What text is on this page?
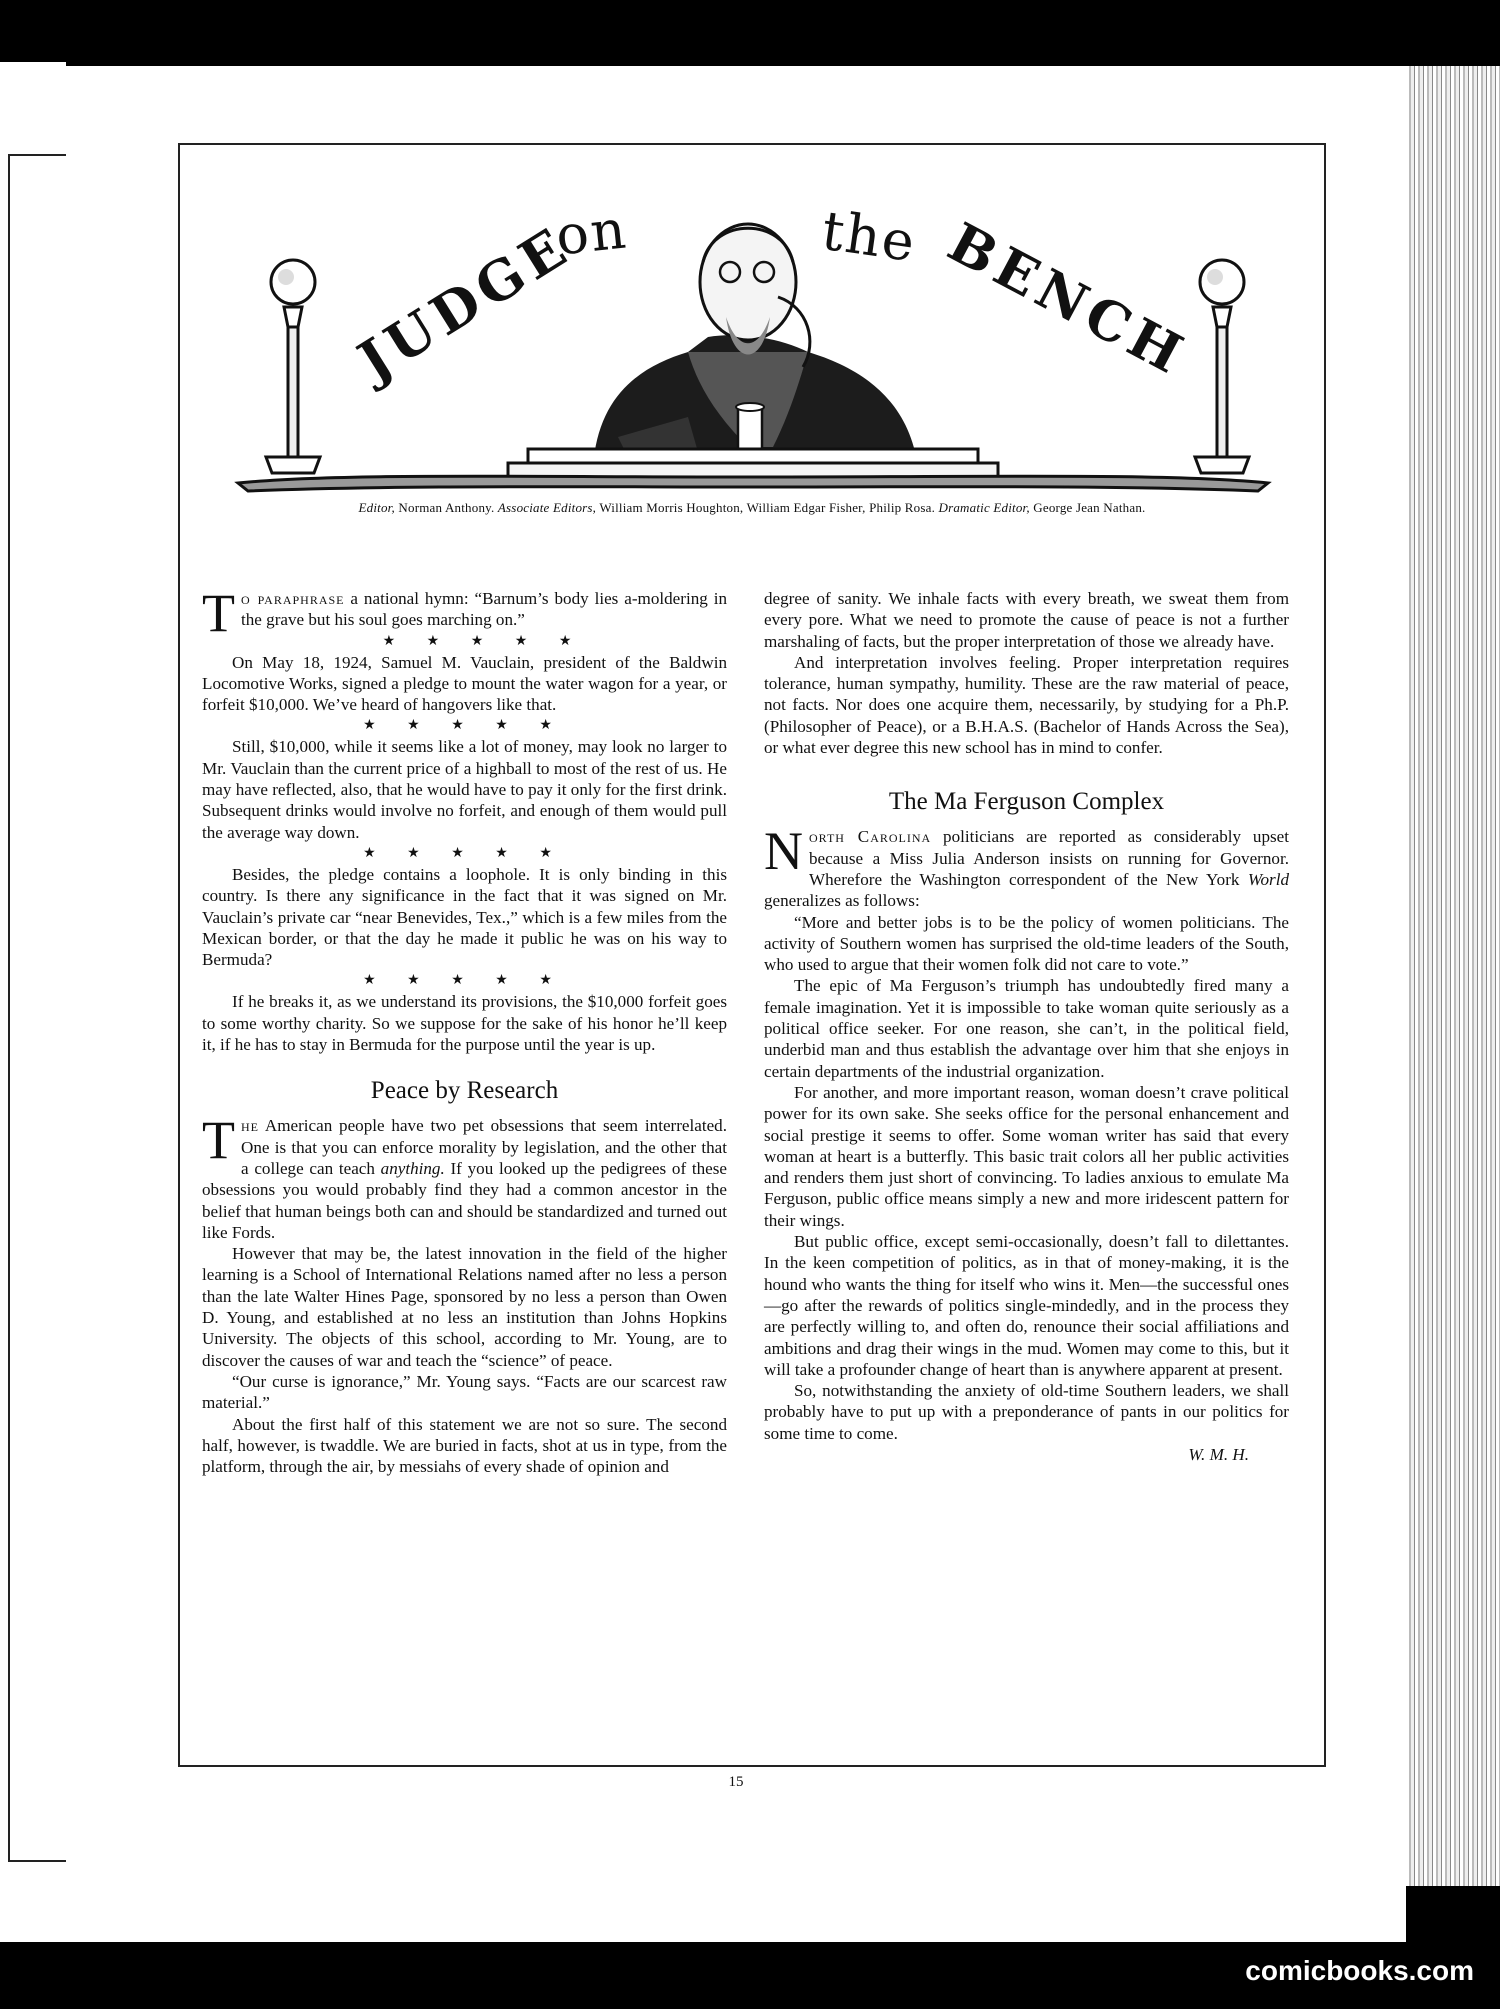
JUDGE
on	the BENCH
Editor, Norman Anthony. Associate Editors, William Morris Houghton, William Edgar Fisher, Philip Rosa. Dramatic Editor, George Jean Nathan.

To paraphrase a national hymn: “Barnum’s body lies a-moldering in the grave but his soul goes marching on.”

★ ★ ★ ★ ★

On May 18, 1924, Samuel M. Vauclain, president of the Baldwin Locomotive Works, signed a pledge to mount the water wagon for a year, or forfeit $10,000. We’ve heard of hangovers like that.

★ ★ ★ ★ ★

Still, $10,000, while it seems like a lot of money, may look no larger to Mr. Vauclain than the current price of a highball to most of the rest of us. He may have reflected, also, that he would have to pay it only for the first drink. Subsequent drinks would involve no forfeit, and enough of them would pull the average way down.

★ ★ ★ ★ ★

Besides, the pledge contains a loophole. It is only binding in this country. Is there any significance in the fact that it was signed on Mr. Vauclain’s private car “near Benevides, Tex.,” which is a few miles from the Mexican border, or that the day he made it public he was on his way to Bermuda?

★ ★ ★ ★ ★

If he breaks it, as we understand its provisions, the $10,000 forfeit goes to some worthy charity. So we suppose for the sake of his honor he’ll keep it, if he has to stay in Bermuda for the purpose until the year is up.

Peace by Research

The American people have two pet obsessions that seem interrelated. One is that you can enforce morality by legislation, and the other that a college can teach anything. If you looked up the pedigrees of these obsessions you would probably find they had a common ancestor in the belief that human beings both can and should be standardized and turned out like Fords.

However that may be, the latest innovation in the field of the higher learning is a School of International Relations named after no less a person than the late Walter Hines Page, sponsored by no less a person than Owen D. Young, and established at no less an institution than Johns Hopkins University. The objects of this school, according to Mr. Young, are to discover the causes of war and teach the “science” of peace.

“Our curse is ignorance,” Mr. Young says. “Facts are our scarcest raw material.”

About the first half of this statement we are not so sure. The second half, however, is twaddle. We are buried in facts, shot at us in type, from the platform, through the air, by messiahs of every shade of opinion and

degree of sanity. We inhale facts with every breath, we sweat them from every pore. What we need to promote the cause of peace is not a further marshaling of facts, but the proper interpretation of those we already have.

And interpretation involves feeling. Proper interpretation requires tolerance, human sympathy, humility. These are the raw material of peace, not facts. Nor does one acquire them, necessarily, by studying for a Ph.P. (Philosopher of Peace), or a B.H.A.S. (Bachelor of Hands Across the Sea), or what ever degree this new school has in mind to confer.

The Ma Ferguson Complex

North Carolina politicians are reported as considerably upset because a Miss Julia Anderson insists on running for Governor. Wherefore the Washington correspondent of the New York World generalizes as follows:

“More and better jobs is to be the policy of women politicians. The activity of Southern women has surprised the old-time leaders of the South, who used to argue that their women folk did not care to vote.”

The epic of Ma Ferguson’s triumph has undoubtedly fired many a female imagination. Yet it is impossible to take woman quite seriously as a political office seeker. For one reason, she can’t, in the political field, underbid man and thus establish the advantage over him that she enjoys in certain departments of the industrial organization.

For another, and more important reason, woman doesn’t crave political power for its own sake. She seeks office for the personal enhancement and social prestige it seems to offer. Some woman writer has said that every woman at heart is a butterfly. This basic trait colors all her public activities and renders them just short of convincing. To ladies anxious to emulate Ma Ferguson, public office means simply a new and more iridescent pattern for their wings.

But public office, except semi-occasionally, doesn’t fall to dilettantes. In the keen competition of politics, as in that of money-making, it is the hound who wants the thing for itself who wins it. Men—the successful ones—go after the rewards of politics single-mindedly, and in the process they are perfectly willing to, and often do, renounce their social affiliations and ambitions and drag their wings in the mud. Women may come to this, but it will take a profounder change of heart than is anywhere apparent at present.

So, notwithstanding the anxiety of old-time Southern leaders, we shall probably have to put up with a preponderance of pants in our politics for some time to come.

W. M. H.
15
comicbooks.com
